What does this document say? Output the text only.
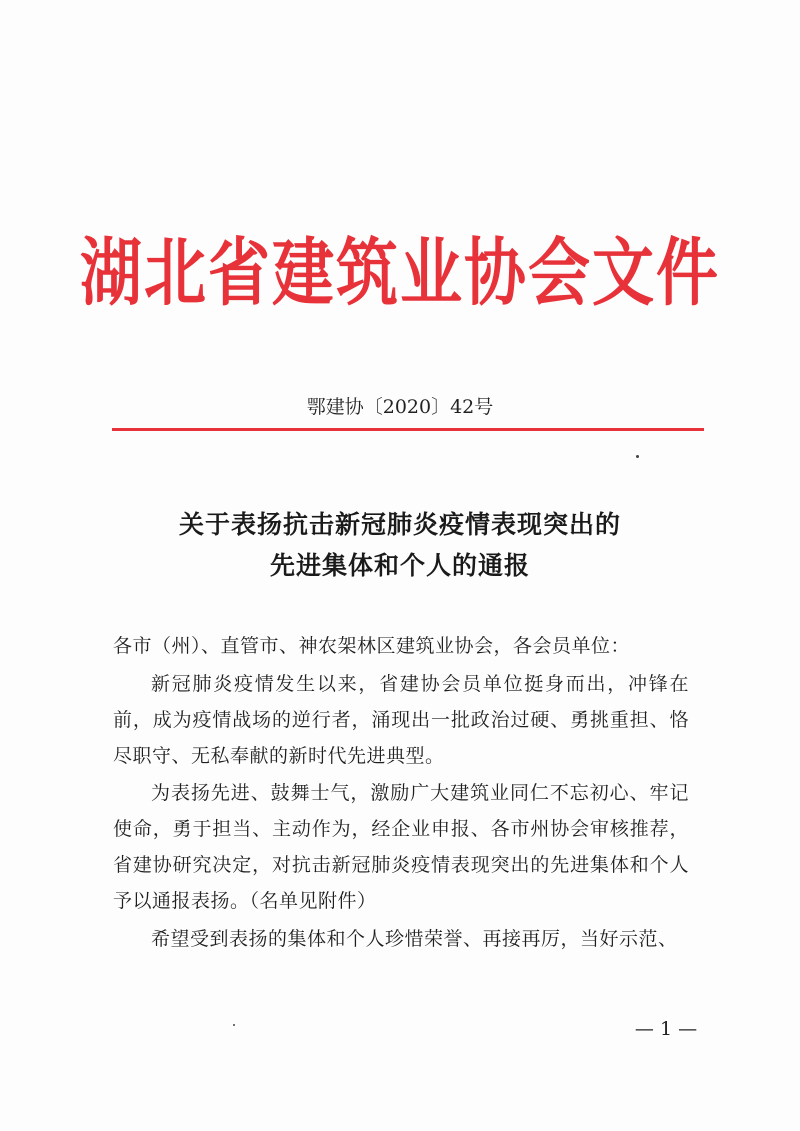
湖北省建筑业协会文件
鄂建协〔2020〕42号
关于表扬抗击新冠肺炎疫情表现突出的
先进集体和个人的通报
各市（州）、直管市、神农架林区建筑业协会，各会员单位：
新冠肺炎疫情发生以来，省建协会员单位挺身而出，冲锋在前，成为疫情战场的逆行者，涌现出一批政治过硬、勇挑重担、恪尽职守、无私奉献的新时代先进典型。
为表扬先进、鼓舞士气，激励广大建筑业同仁不忘初心、牢记使命，勇于担当、主动作为，经企业申报、各市州协会审核推荐，省建协研究决定，对抗击新冠肺炎疫情表现突出的先进集体和个人予以通报表扬。（名单见附件）
希望受到表扬的集体和个人珍惜荣誉、再接再厉，当好示范、
— 1 —
